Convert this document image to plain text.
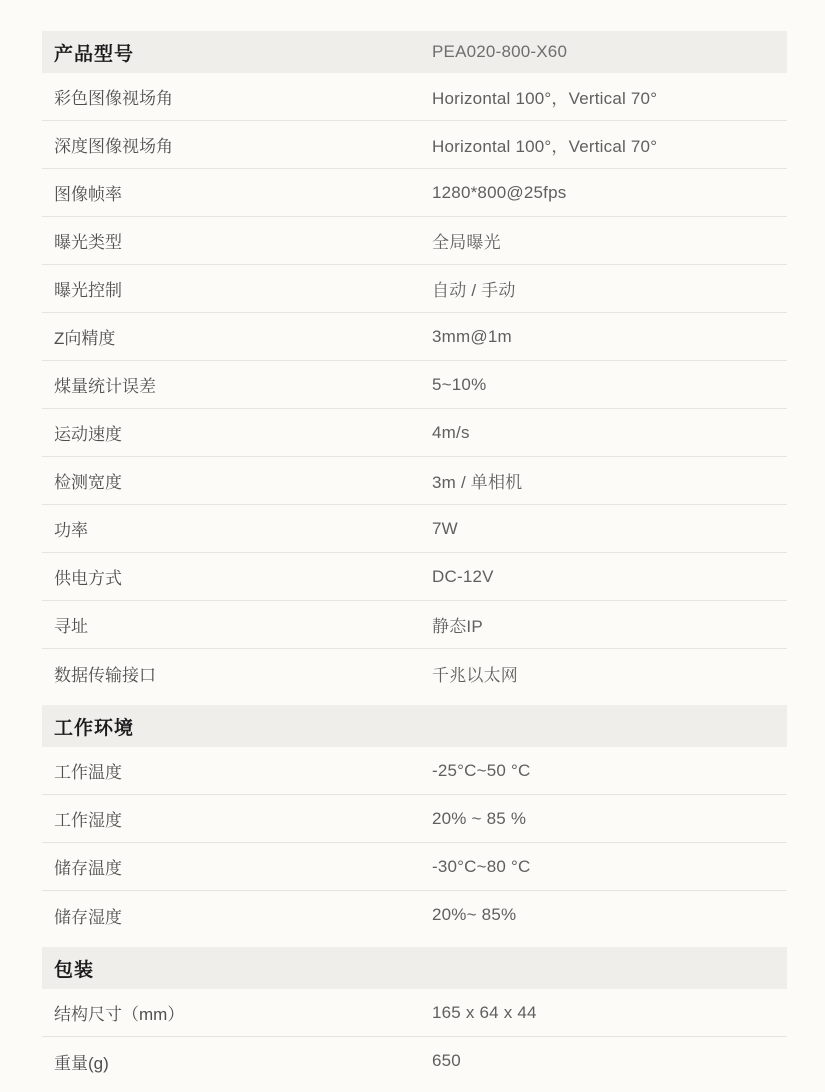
产品型号	PEA020-800-X60
彩色图像视场角	Horizontal 100°，Vertical 70°
深度图像视场角	Horizontal 100°，Vertical 70°
图像帧率	1280*800@25fps
曝光类型	全局曝光
曝光控制	自动 / 手动
Z向精度	3mm@1m
煤量统计误差	5~10%
运动速度	4m/s
检测宽度	3m / 单相机
功率	7W
供电方式	DC-12V
寻址	静态IP
数据传输接口	千兆以太网
工作环境
工作温度	-25°C~50 °C
工作湿度	20% ~ 85 %
储存温度	-30°C~80 °C
储存湿度	20%~ 85%
包装
结构尺寸（mm）	165 x 64 x 44
重量(g)	650
